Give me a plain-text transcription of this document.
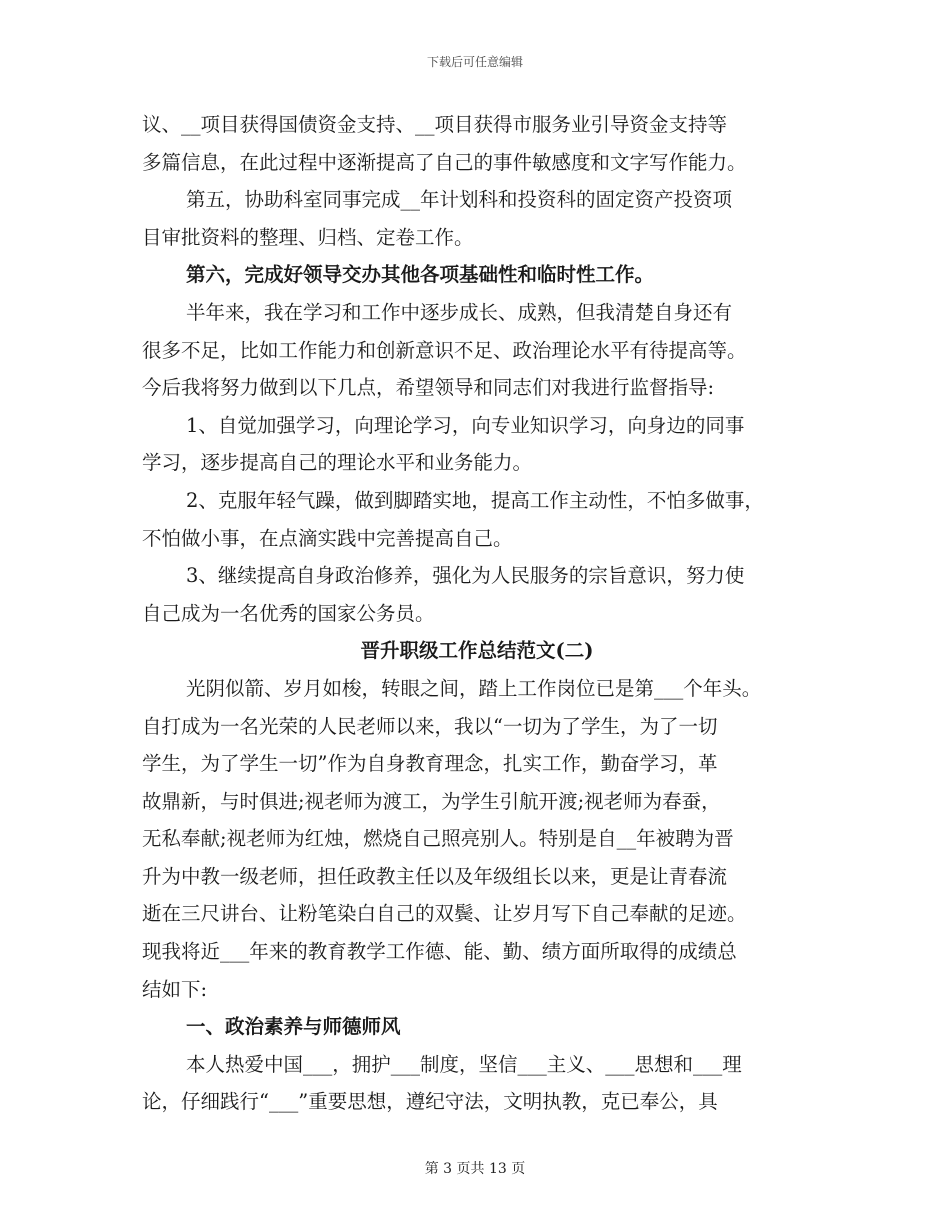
下载后可任意编辑
议、__项目获得国债资金支持、__项目获得市服务业引导资金支持等
多篇信息，在此过程中逐渐提高了自己的事件敏感度和文字写作能力。
第五，协助科室同事完成__年计划科和投资科的固定资产投资项
目审批资料的整理、归档、定卷工作。
第六，完成好领导交办其他各项基础性和临时性工作。
半年来，我在学习和工作中逐步成长、成熟，但我清楚自身还有
很多不足，比如工作能力和创新意识不足、政治理论水平有待提高等。
今后我将努力做到以下几点，希望领导和同志们对我进行监督指导:
1、自觉加强学习，向理论学习，向专业知识学习，向身边的同事
学习，逐步提高自己的理论水平和业务能力。
2、克服年轻气躁，做到脚踏实地，提高工作主动性，不怕多做事，
不怕做小事，在点滴实践中完善提高自己。
3、继续提高自身政治修养，强化为人民服务的宗旨意识，努力使
自己成为一名优秀的国家公务员。
晋升职级工作总结范文(二)
光阴似箭、岁月如梭，转眼之间，踏上工作岗位已是第___个年头。
自打成为一名光荣的人民老师以来，我以“一切为了学生，为了一切
学生，为了学生一切”作为自身教育理念，扎实工作，勤奋学习，革
故鼎新，与时俱进;视老师为渡工，为学生引航开渡;视老师为春蚕，
无私奉献;视老师为红烛，燃烧自己照亮别人。特别是自__年被聘为晋
升为中教一级老师，担任政教主任以及年级组长以来，更是让青春流
逝在三尺讲台、让粉笔染白自己的双鬓、让岁月写下自己奉献的足迹。
现我将近___年来的教育教学工作德、能、勤、绩方面所取得的成绩总
结如下:
一、政治素养与师德师风
本人热爱中国___，拥护___制度，坚信___主义、___思想和___理
论，仔细践行“___”重要思想，遵纪守法，文明执教，克已奉公，具
第 3 页共 13 页
